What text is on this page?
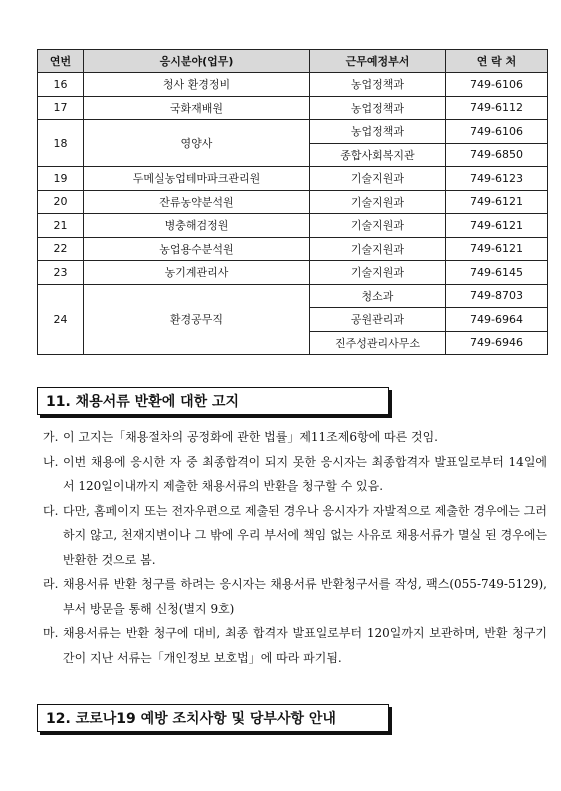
연번	응시분야(업무)	근무예정부서	연 락 처
16	청사 환경정비	농업정책과	749-6106
17	국화재배원	농업정책과	749-6112
18	영양사	농업정책과	749-6106
		종합사회복지관	749-6850
19	두메실농업테마파크관리원	기술지원과	749-6123
20	잔류농약분석원	기술지원과	749-6121
21	병충해검정원	기술지원과	749-6121
22	농업용수분석원	기술지원과	749-6121
23	농기계관리사	기술지원과	749-6145
24	환경공무직	청소과	749-8703
		공원관리과	749-6964
		진주성관리사무소	749-6946
11. 채용서류 반환에 대한 고지
가. 이 고지는「채용절차의 공정화에 관한 법률」제11조제6항에 따른 것임.
나. 이번 채용에 응시한 자 중 최종합격이 되지 못한 응시자는 최종합격자 발표일로부터 14일에서 120일이내까지 제출한 채용서류의 반환을 청구할 수 있음.
다. 다만, 홈페이지 또는 전자우편으로 제출된 경우나 응시자가 자발적으로 제출한 경우에는 그러하지 않고, 천재지변이나 그 밖에 우리 부서에 책임 없는 사유로 채용서류가 멸실 된 경우에는 반환한 것으로 봄.
라. 채용서류 반환 청구를 하려는 응시자는 채용서류 반환청구서를 작성, 팩스(055-749-5129), 부서 방문을 통해 신청(별지 9호)
마. 채용서류는 반환 청구에 대비, 최종 합격자 발표일로부터 120일까지 보관하며, 반환 청구기간이 지난 서류는「개인정보 보호법」에 따라 파기됨.
12. 코로나19 예방 조치사항 및 당부사항 안내
